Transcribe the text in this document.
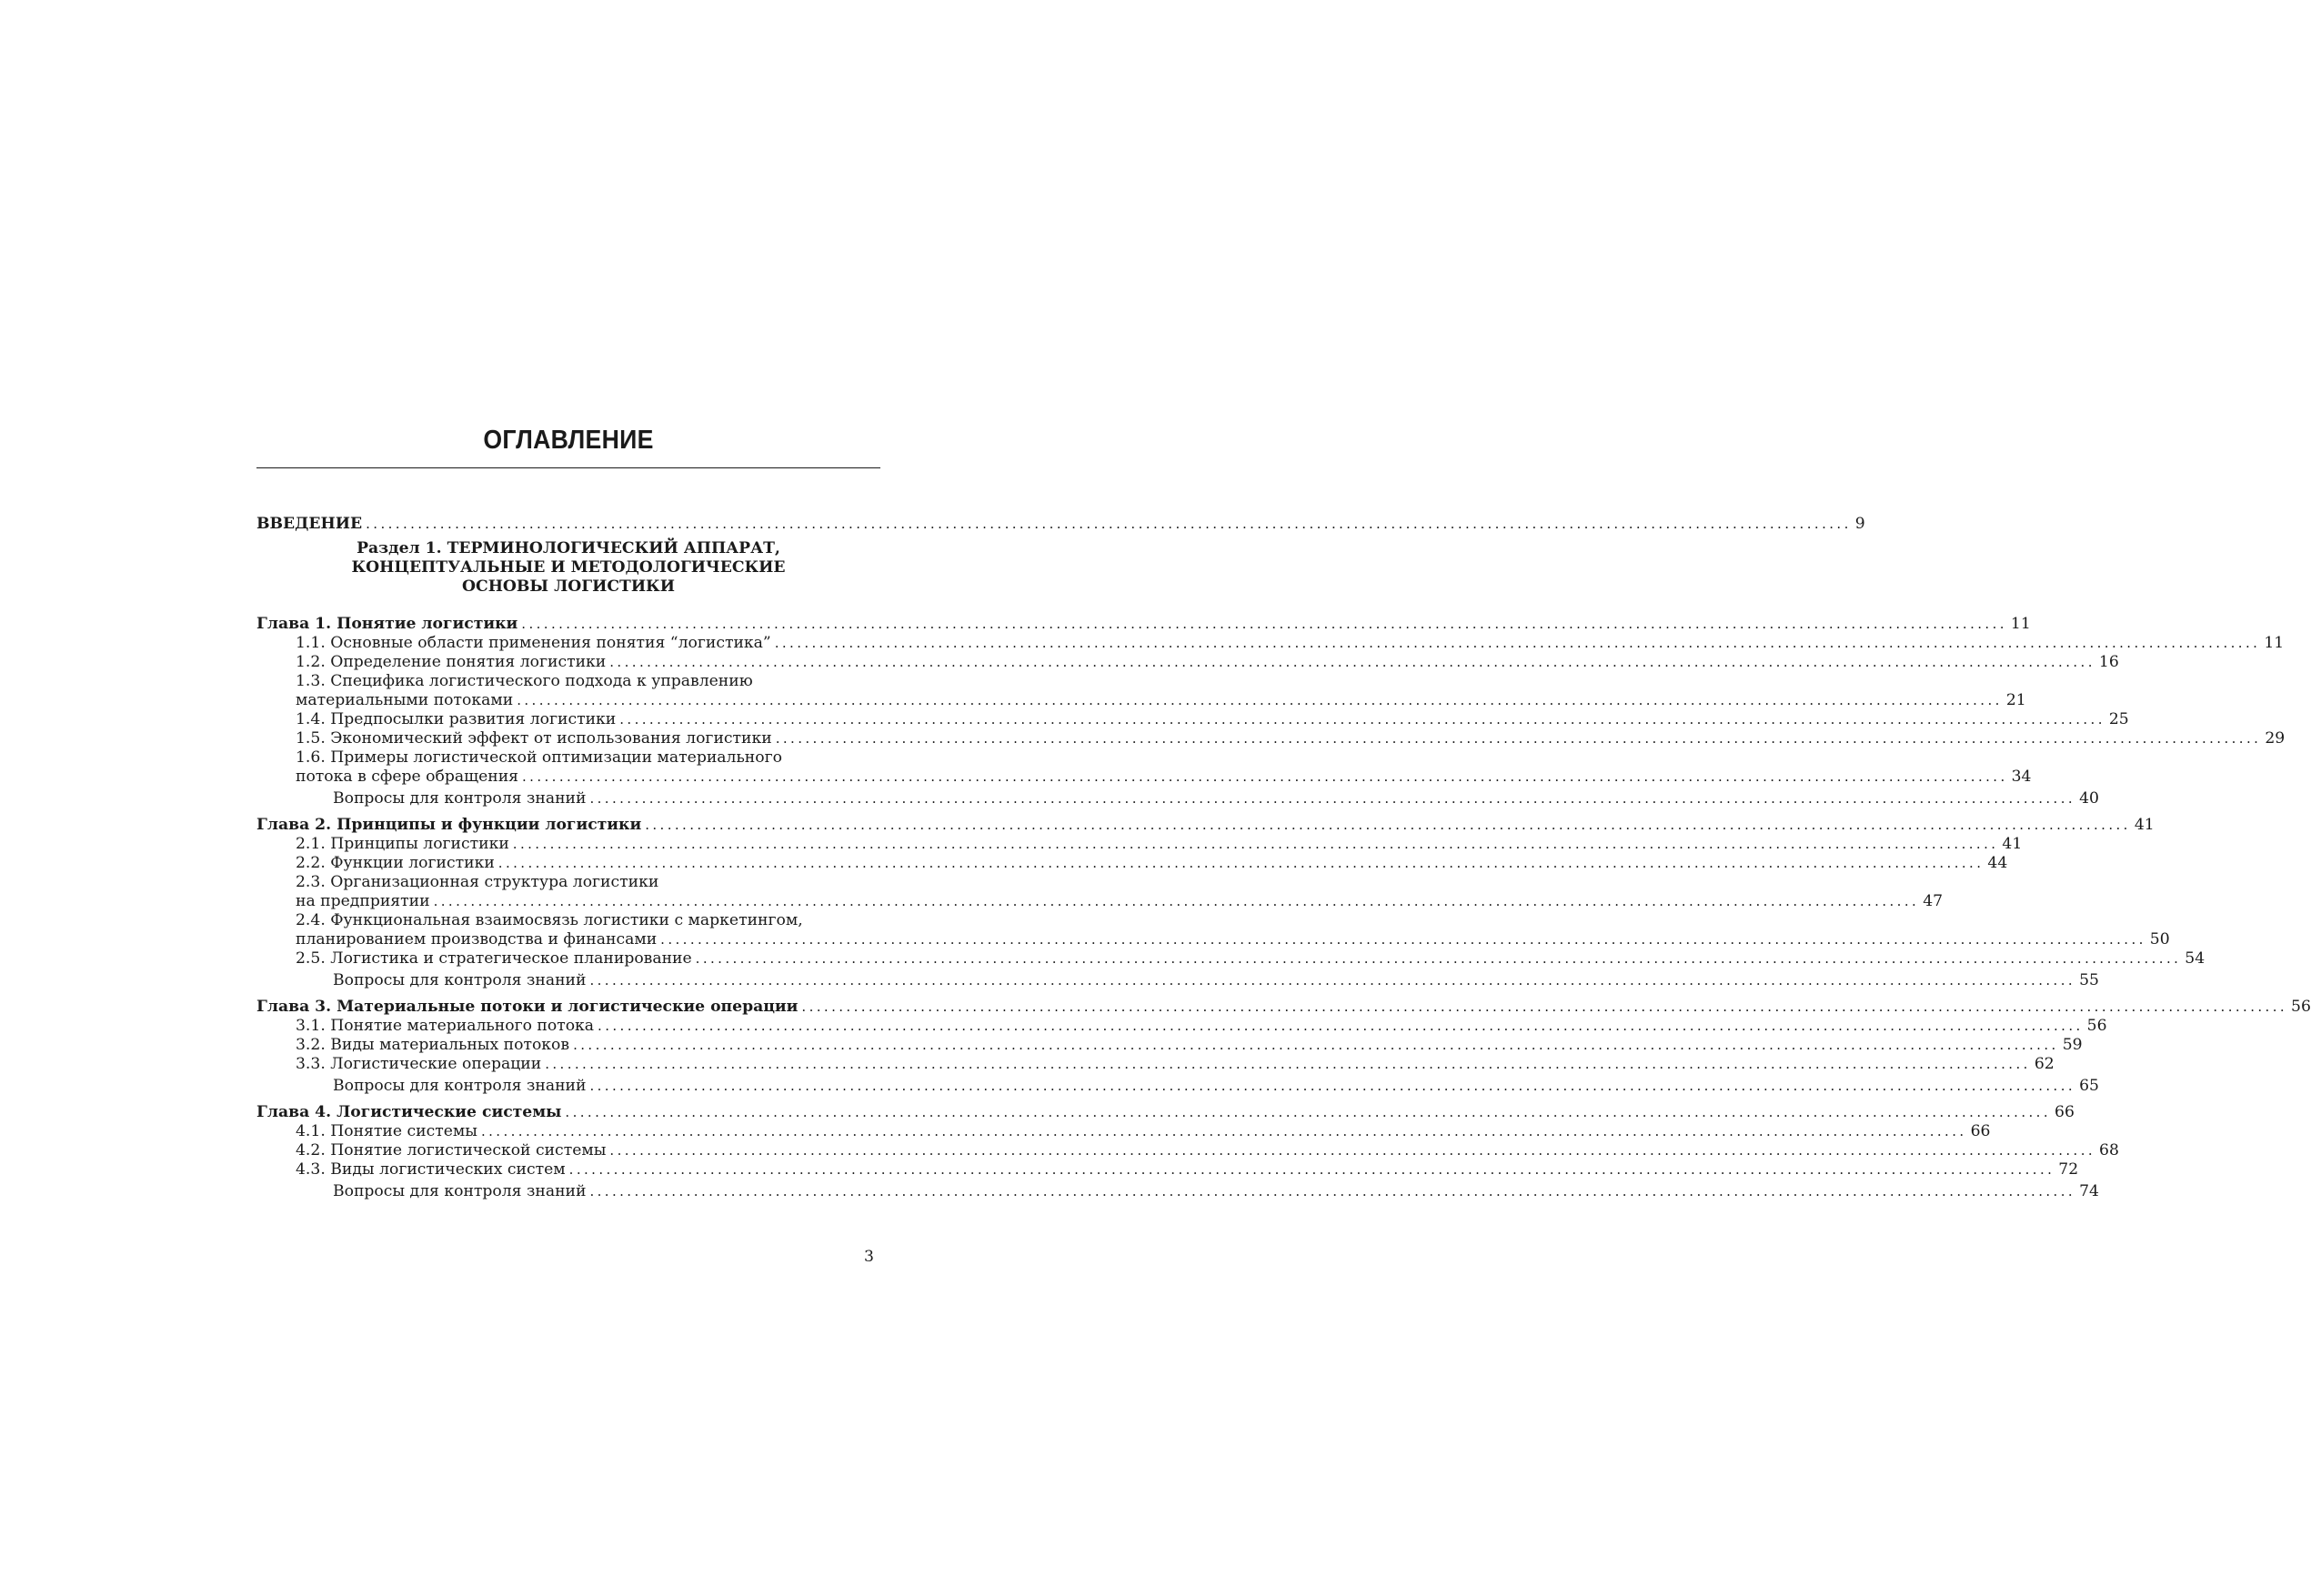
ОГЛАВЛЕНИЕ
ВВЕДЕНИЕ ........................................................................................................................................................................................................ 9
Раздел 1. ТЕРМИНОЛОГИЧЕСКИЙ АППАРАТ,
КОНЦЕПТУАЛЬНЫЕ И МЕТОДОЛОГИЧЕСКИЕ
ОСНОВЫ ЛОГИСТИКИ
Глава 1. Понятие логистики ........................................................................................................................................................................................................ 11
1.1. Основные области применения понятия “логистика” ........................................................................................................................................................................................................ 11
1.2. Определение понятия логистики ........................................................................................................................................................................................................ 16
1.3. Специфика логистического подхода к управлению
материальными потоками ........................................................................................................................................................................................................ 21
1.4. Предпосылки развития логистики ........................................................................................................................................................................................................ 25
1.5. Экономический эффект от использования логистики ........................................................................................................................................................................................................ 29
1.6. Примеры логистической оптимизации материального
потока в сфере обращения ........................................................................................................................................................................................................ 34
Вопросы для контроля знаний ........................................................................................................................................................................................................ 40
Глава 2. Принципы и функции логистики ........................................................................................................................................................................................................ 41
2.1. Принципы логистики ........................................................................................................................................................................................................ 41
2.2. Функции логистики ........................................................................................................................................................................................................ 44
2.3. Организационная структура логистики
на предприятии ........................................................................................................................................................................................................ 47
2.4. Функциональная взаимосвязь логистики с маркетингом,
планированием производства и финансами ........................................................................................................................................................................................................ 50
2.5. Логистика и стратегическое планирование ........................................................................................................................................................................................................ 54
Вопросы для контроля знаний ........................................................................................................................................................................................................ 55
Глава 3. Материальные потоки и логистические операции ........................................................................................................................................................................................................ 56
3.1. Понятие материального потока ........................................................................................................................................................................................................ 56
3.2. Виды материальных потоков ........................................................................................................................................................................................................ 59
3.3. Логистические операции ........................................................................................................................................................................................................ 62
Вопросы для контроля знаний ........................................................................................................................................................................................................ 65
Глава 4. Логистические системы ........................................................................................................................................................................................................ 66
4.1. Понятие системы ........................................................................................................................................................................................................ 66
4.2. Понятие логистической системы ........................................................................................................................................................................................................ 68
4.3. Виды логистических систем ........................................................................................................................................................................................................ 72
Вопросы для контроля знаний ........................................................................................................................................................................................................ 74
3
